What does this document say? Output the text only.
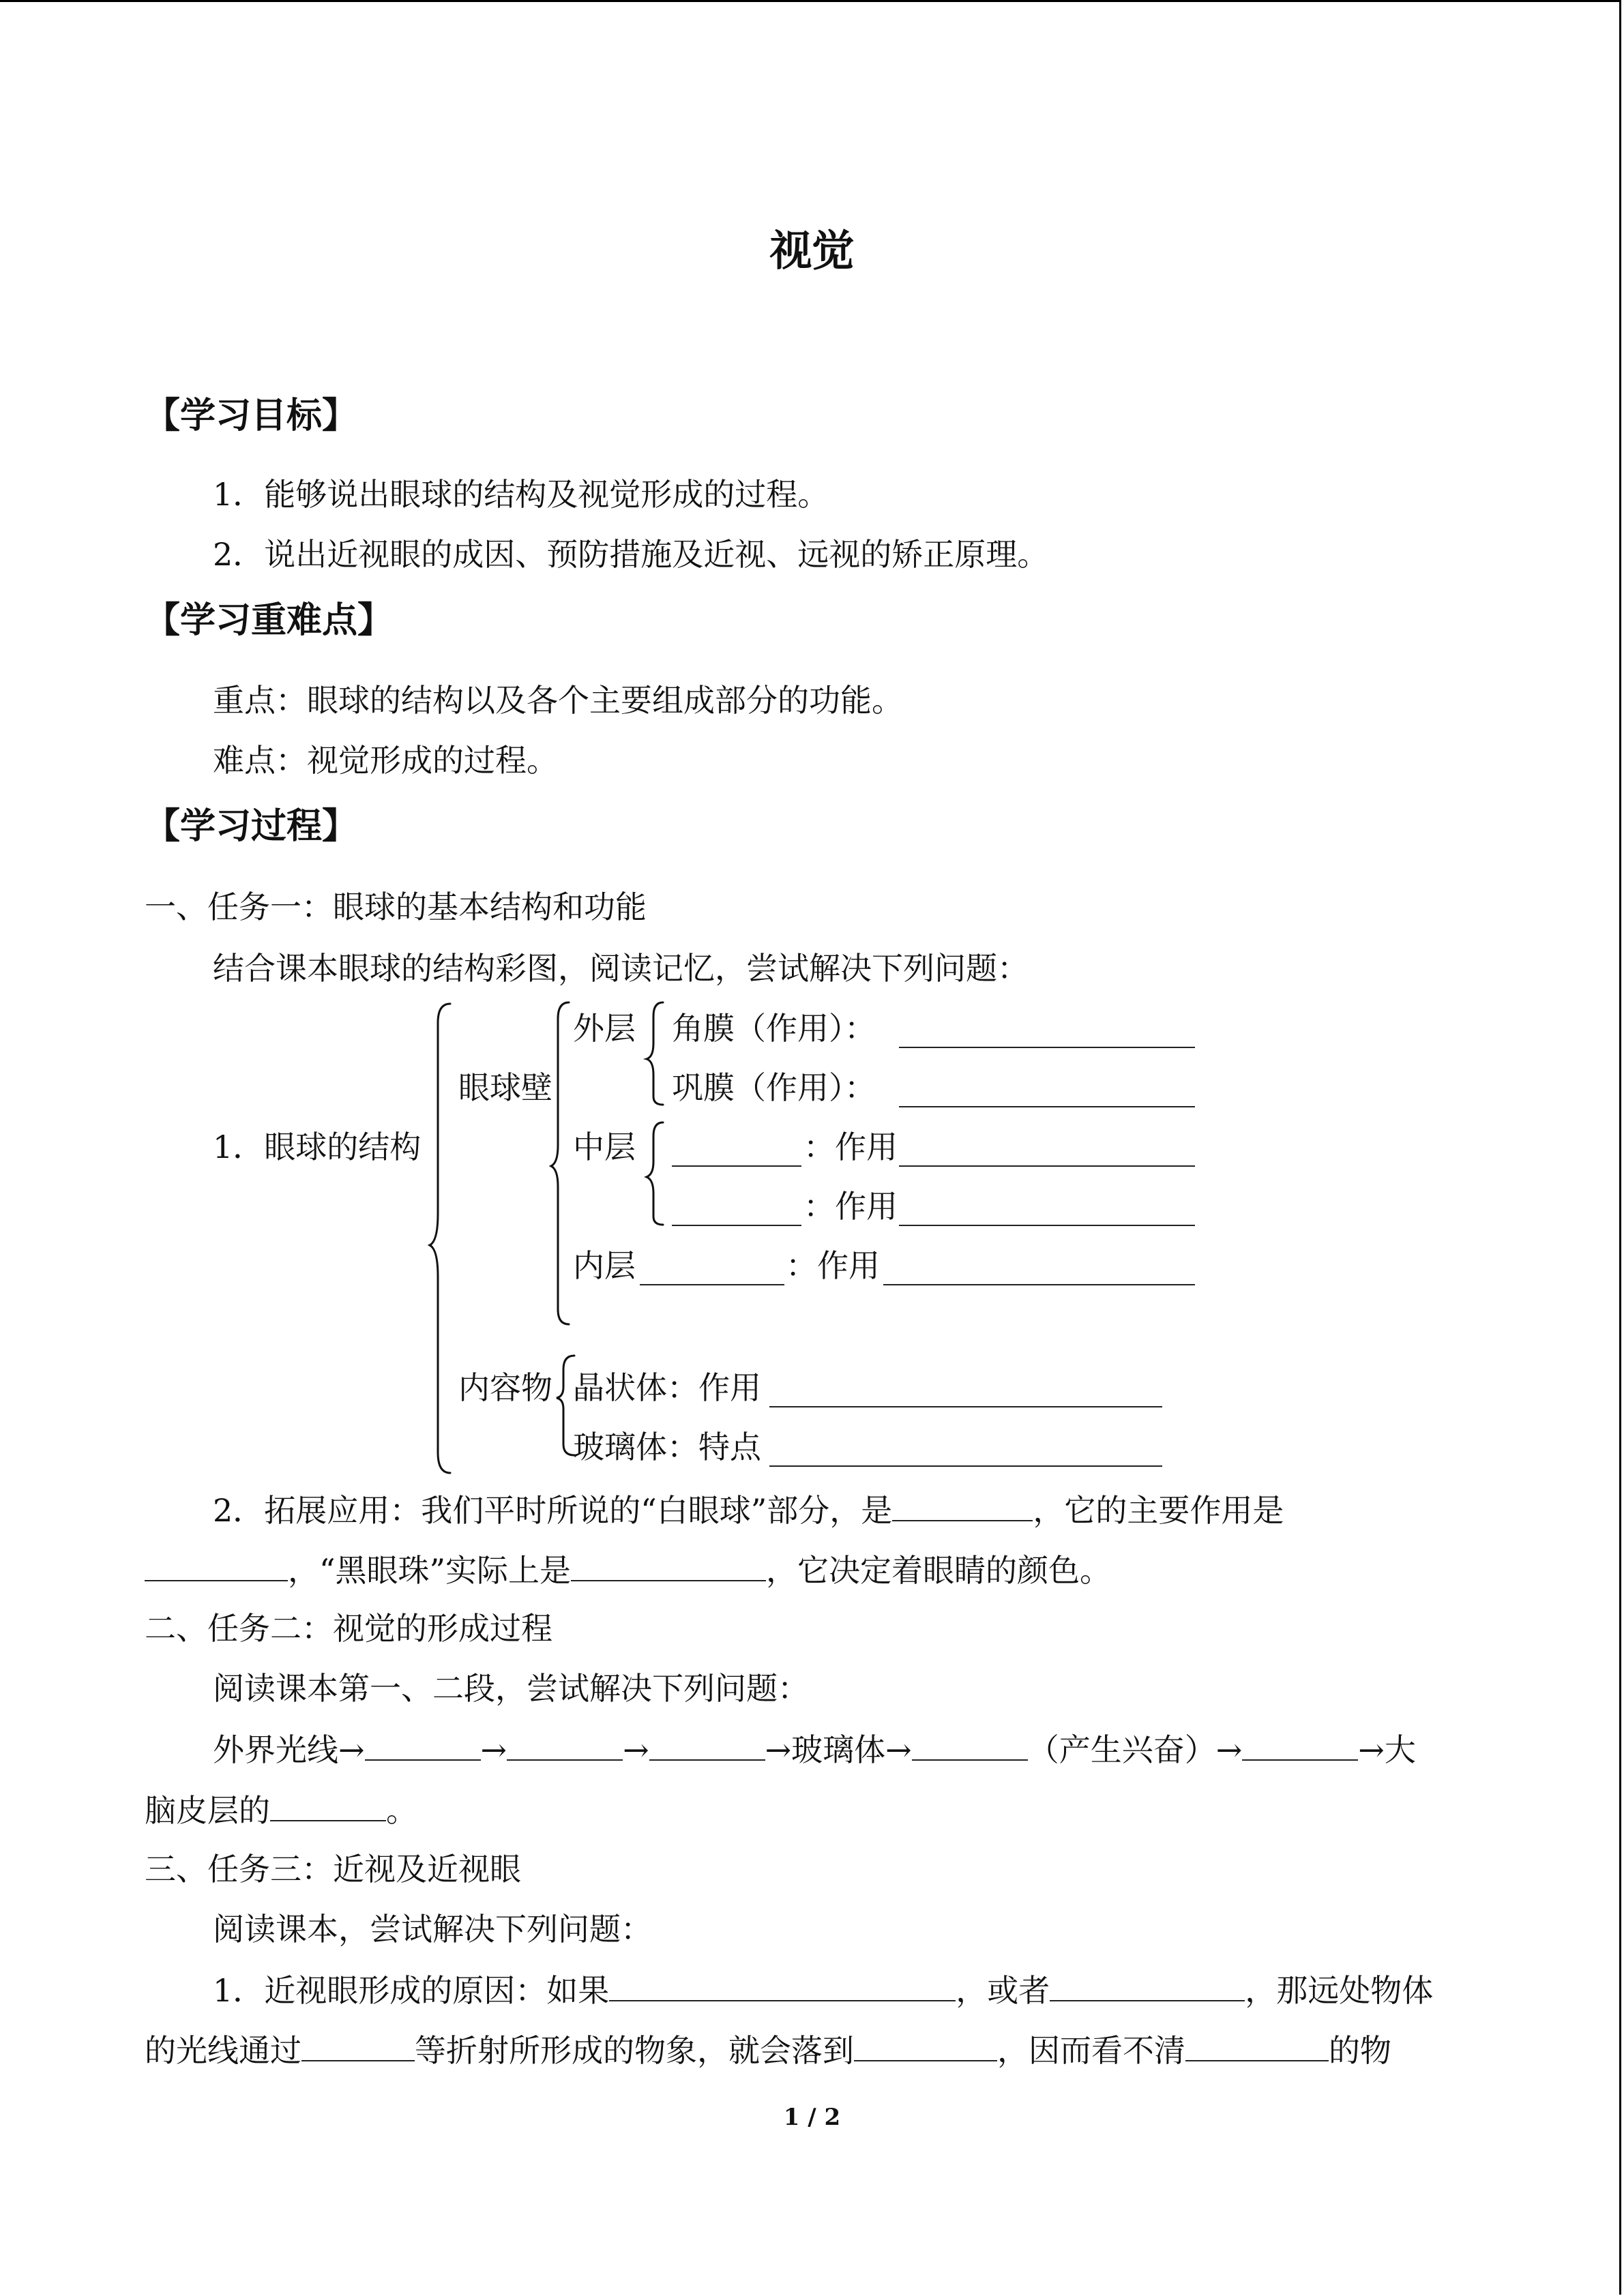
视觉
【学习目标】
1．能够说出眼球的结构及视觉形成的过程。
2．说出近视眼的成因、预防措施及近视、远视的矫正原理。
【学习重难点】
重点：眼球的结构以及各个主要组成部分的功能。
难点：视觉形成的过程。
【学习过程】
一、任务一：眼球的基本结构和功能
结合课本眼球的结构彩图，阅读记忆，尝试解决下列问题：
1．眼球的结构
眼球壁
外层 角膜（作用）：
巩膜（作用）：
中层	：作用
：作用
内层	：作用
内容物 晶状体：作用
玻璃体：特点
2．拓展应用：我们平时所说的“白眼球”部分，是	，它的主要作用是
，“黑眼珠”实际上是	，它决定着眼睛的颜色。
二、任务二：视觉的形成过程
阅读课本第一、二段，尝试解决下列问题：
外界光线→	→	→	→玻璃体→	（产生兴奋）→	→大
脑皮层的	。
三、任务三：近视及近视眼
阅读课本，尝试解决下列问题：
1．近视眼形成的原因：如果	，或者	，那远处物体
的光线通过	等折射所形成的物象，就会落到	，因而看不清	的物
1 / 2
